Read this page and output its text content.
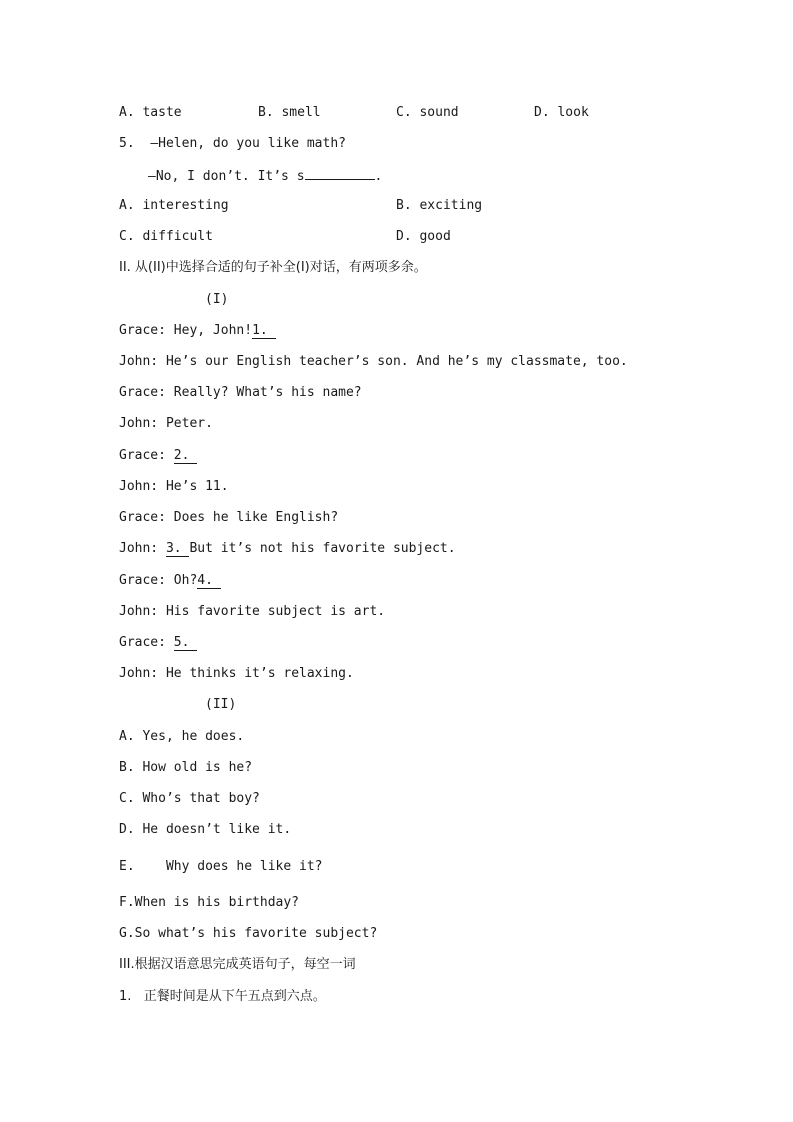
A. taste	B. smell	C. sound	D. look
5. —Helen, do you like math?
—No, I don’t. It’s s	.
A. interesting	B. exciting
C. difficult	D. good
II. 从(II)中选择合适的句子补全(I)对话，有两项多余。
(I)
Grace: Hey, John!1.
John: He’s our English teacher’s son. And he’s my classmate, too.
Grace: Really? What’s his name?
John: Peter.
Grace: 2.
John: He’s 11.
Grace: Does he like English?
John: 3. But it’s not his favorite subject.
Grace: Oh?4.
John: His favorite subject is art.
Grace: 5.
John: He thinks it’s relaxing.
(II)
A. Yes, he does.
B. How old is he?
C. Who’s that boy?
D. He doesn’t like it.
E.    Why does he like it?
F.When is his birthday?
G.So what’s his favorite subject?
III.根据汉语意思完成英语句子，每空一词
1.   正餐时间是从下午五点到六点。
